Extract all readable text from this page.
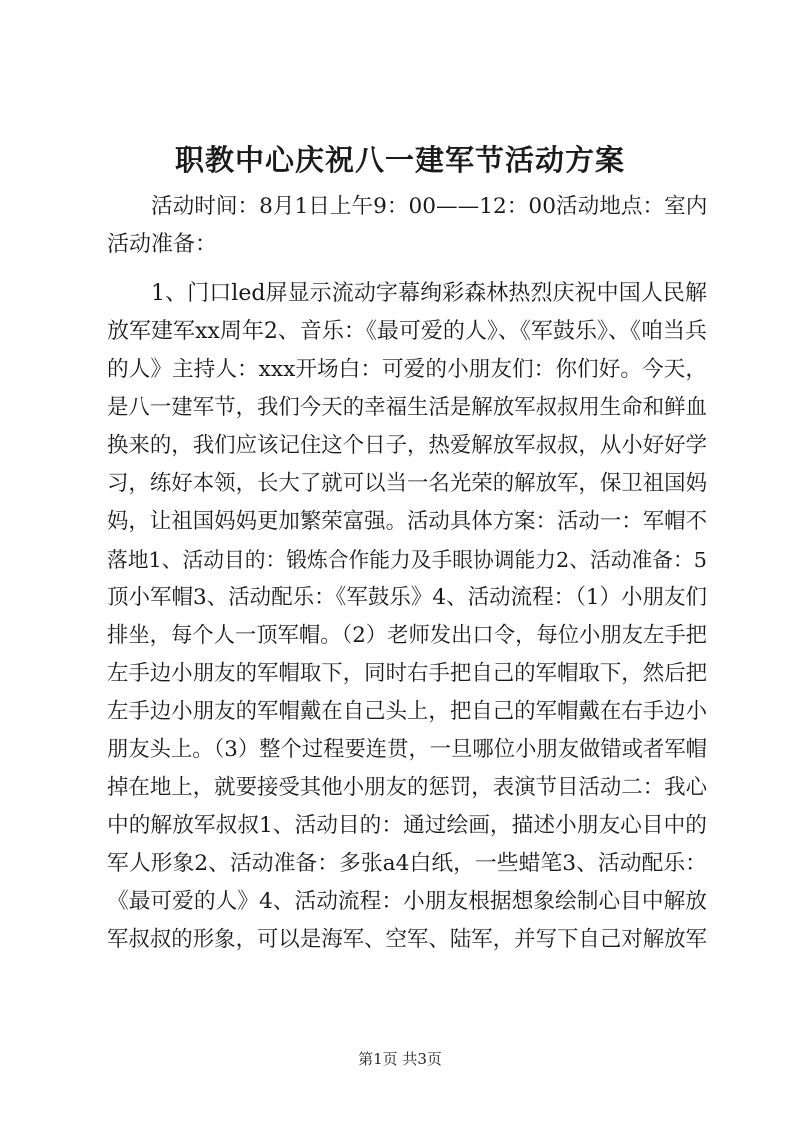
职教中心庆祝八一建军节活动方案
活动时间：8月1日上午9：00——12：00活动地点：室内
活动准备：
1、门口led屏显示流动字幕绚彩森林热烈庆祝中国人民解
放军建军xx周年2、音乐：《最可爱的人》、《军鼓乐》、《咱当兵
的人》主持人：xxx开场白：可爱的小朋友们：你们好。今天，
是八一建军节，我们今天的幸福生活是解放军叔叔用生命和鲜血
换来的，我们应该记住这个日子，热爱解放军叔叔，从小好好学
习，练好本领，长大了就可以当一名光荣的解放军，保卫祖国妈
妈，让祖国妈妈更加繁荣富强。活动具体方案：活动一：军帽不
落地1、活动目的：锻炼合作能力及手眼协调能力2、活动准备：5
顶小军帽3、活动配乐：《军鼓乐》4、活动流程：（1）小朋友们
排坐，每个人一顶军帽。（2）老师发出口令，每位小朋友左手把
左手边小朋友的军帽取下，同时右手把自己的军帽取下，然后把
左手边小朋友的军帽戴在自己头上，把自己的军帽戴在右手边小
朋友头上。（3）整个过程要连贯，一旦哪位小朋友做错或者军帽
掉在地上，就要接受其他小朋友的惩罚，表演节目活动二：我心
中的解放军叔叔1、活动目的：通过绘画，描述小朋友心目中的
军人形象2、活动准备：多张a4白纸，一些蜡笔3、活动配乐：
《最可爱的人》4、活动流程：小朋友根据想象绘制心目中解放
军叔叔的形象，可以是海军、空军、陆军，并写下自己对解放军
第1页 共3页
